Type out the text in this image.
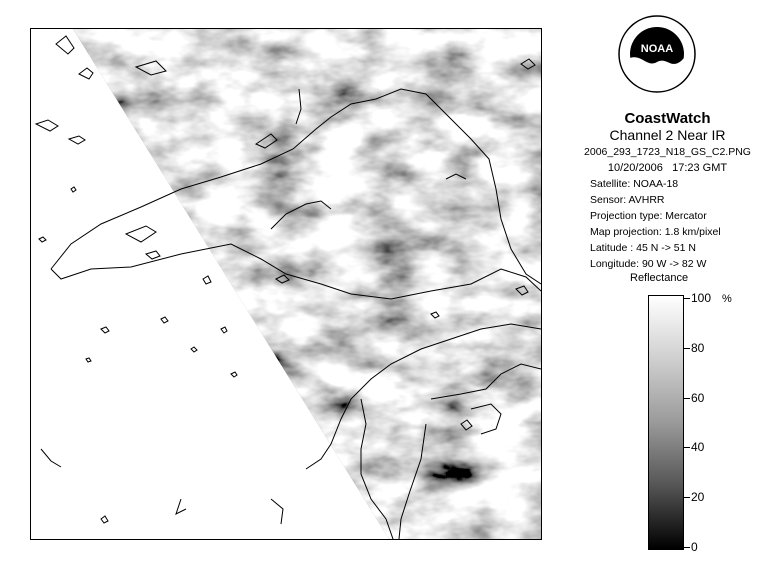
NOAA
CoastWatch
Channel 2 Near IR
2006_293_1723_N18_GS_C2.PNG
10/20/2006 17:23 GMT
Satellite: NOAA-18
Sensor: AVHRR
Projection type: Mercator
Map projection: 1.8 km/pixel
Latitude : 45 N -> 51 N
Longitude: 90 W -> 82 W
Reflectance
%
100
80
60
40
20
0
